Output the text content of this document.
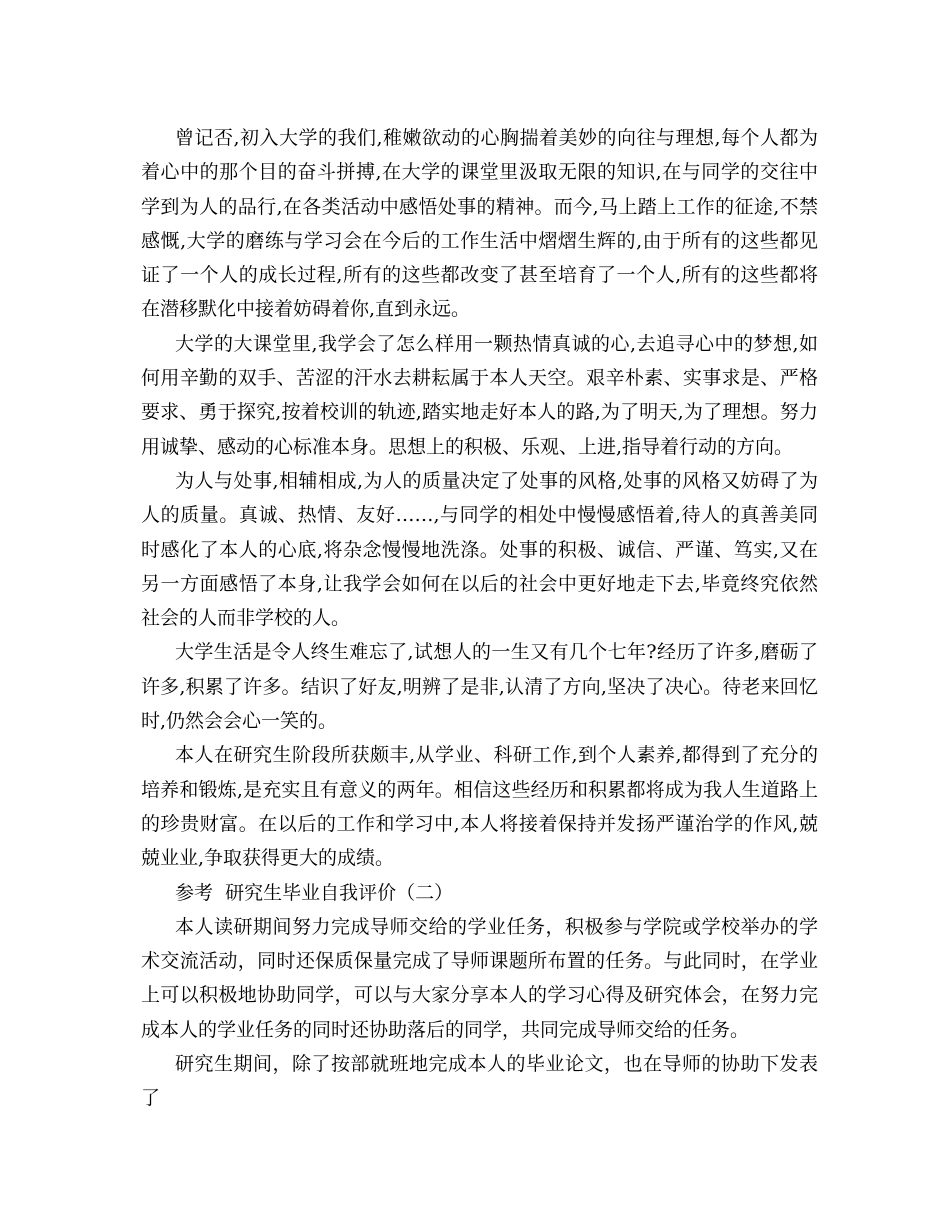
曾记否,初入大学的我们,稚嫩欲动的心胸揣着美妙的向往与理想,每个人都为着心中的那个目的奋斗拼搏,在大学的课堂里汲取无限的知识,在与同学的交往中学到为人的品行,在各类活动中感悟处事的精神。而今,马上踏上工作的征途,不禁感慨,大学的磨练与学习会在今后的工作生活中熠熠生辉的,由于所有的这些都见证了一个人的成长过程,所有的这些都改变了甚至培育了一个人,所有的这些都将在潜移默化中接着妨碍着你,直到永远。

大学的大课堂里,我学会了怎么样用一颗热情真诚的心,去追寻心中的梦想,如何用辛勤的双手、苦涩的汗水去耕耘属于本人天空。艰辛朴素、实事求是、严格要求、勇于探究,按着校训的轨迹,踏实地走好本人的路,为了明天,为了理想。努力用诚挚、感动的心标准本身。思想上的积极、乐观、上进,指导着行动的方向。

为人与处事,相辅相成,为人的质量决定了处事的风格,处事的风格又妨碍了为人的质量。真诚、热情、友好……,与同学的相处中慢慢感悟着,待人的真善美同时感化了本人的心底,将杂念慢慢地洗涤。处事的积极、诚信、严谨、笃实,又在另一方面感悟了本身,让我学会如何在以后的社会中更好地走下去,毕竟终究依然社会的人而非学校的人。

大学生活是令人终生难忘了,试想人的一生又有几个七年?经历了许多,磨砺了许多,积累了许多。结识了好友,明辨了是非,认清了方向,坚决了决心。待老来回忆时,仍然会会心一笑的。

本人在研究生阶段所获颇丰,从学业、科研工作,到个人素养,都得到了充分的培养和锻炼,是充实且有意义的两年。相信这些经历和积累都将成为我人生道路上的珍贵财富。在以后的工作和学习中,本人将接着保持并发扬严谨治学的作风,兢兢业业,争取获得更大的成绩。

参考  研究生毕业自我评价（二）

本人读研期间努力完成导师交给的学业任务，积极参与学院或学校举办的学术交流活动，同时还保质保量完成了导师课题所布置的任务。与此同时，在学业上可以积极地协助同学，可以与大家分享本人的学习心得及研究体会，在努力完成本人的学业任务的同时还协助落后的同学，共同完成导师交给的任务。

研究生期间，除了按部就班地完成本人的毕业论文，也在导师的协助下发表了
